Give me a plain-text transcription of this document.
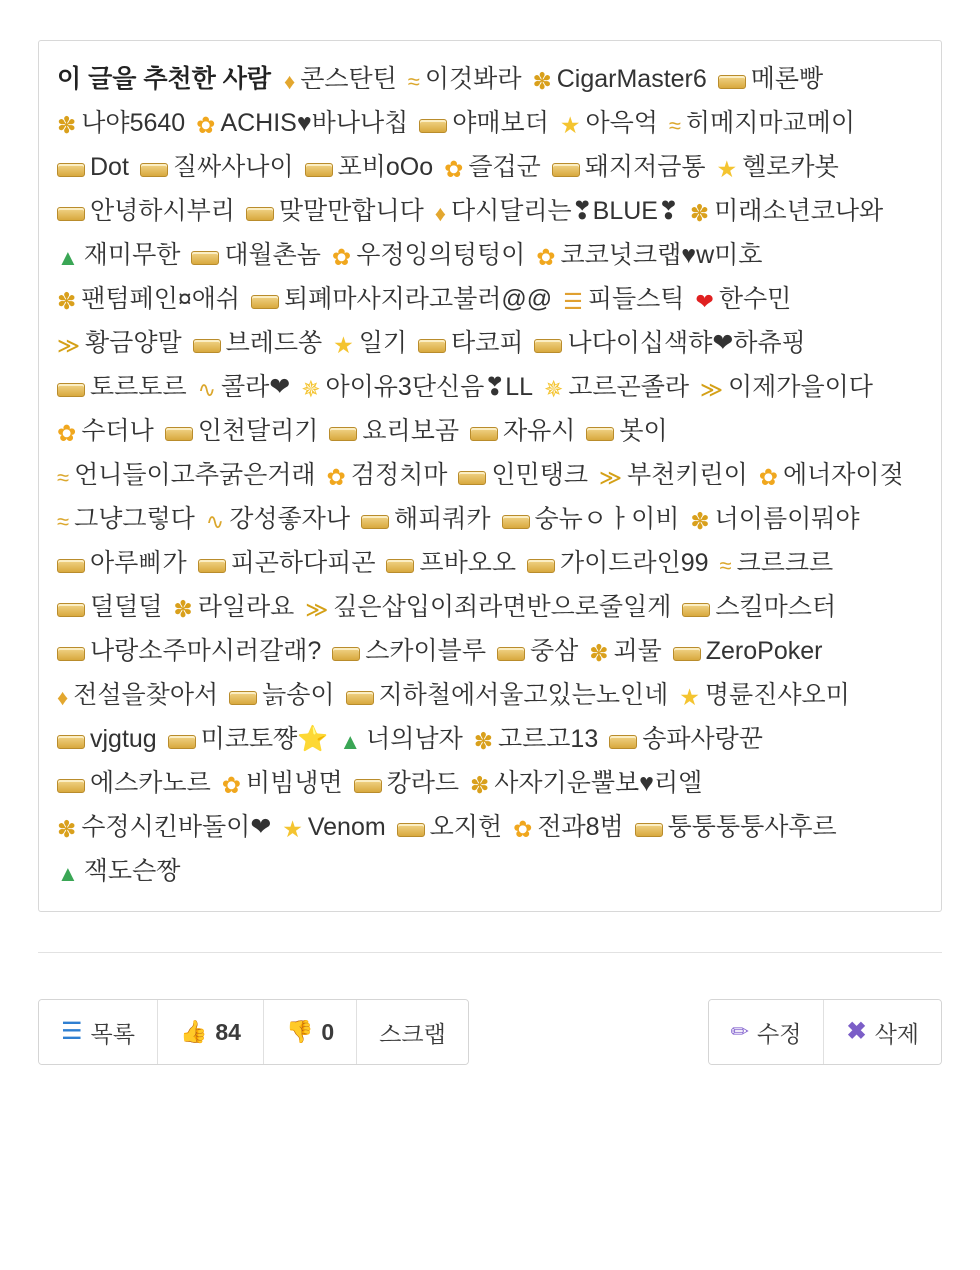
이 글을 추천한 사람 ♦ 콘스탄틴 ≈ 이것봐라 ✽ CigarMaster6 메론빵 ✽ 나야5640 ✿ ACHIS♥바나나칩 야매보더 ★ 아윽억 ≈ 히메지마교메이 Dot 질싸사나이 포비oOo ✿ 즐겁군 돼지저금통 ★ 헬로카봇 안녕하시부리 맞말만합니다 ♦ 다시달리는❣BLUE❣ ✽ 미래소년코나와 ▲ 재미무한 대월촌놈 ✿ 우정잉의텅텅이 ✿ 코코넛크랩♥w미호 ✽ 팬텀페인¤애쉬 퇴폐마사지라고불러@@ ☰ 피들스틱 ❤ 한수민 ≫ 황금양말 브레드쏭 ★ 일기 타코피 나다이십색햐❤하츄핑 토르토르 ∿ 콜라❤ ✵ 아이유3단신음❣LL ✵ 고르곤졸라 ≫ 이제가을이다 ✿ 수더나 인천달리기 요리보곰 자유시 봇이 ≈ 언니들이고추굵은거래 ✿ 검정치마 인민탱크 ≫ 부천키린이 ✿ 에너자이젖 ≈ 그냥그렇다 ∿ 강성좋자나 해피쿼카 숭뉴ㅇㅏ이비 ✽ 너이름이뭐야 아루삐가 피곤하다피곤 프바오오 가이드라인99 ≈ 크르크르 덜덜덜 ✽ 라일라요 ≫ 깊은삽입이죄라면반으로줄일게 스킬마스터 나랑소주마시러갈래? 스카이블루 중삼 ✽ 괴물 ZeroPoker ♦ 전설을찾아서 늙송이 지하철에서울고있는노인네 ★ 명륜진샤오미 vjgtug 미코토쨩⭐ ▲ 너의남자 ✽ 고르고13 송파사랑꾼 에스카노르 ✿ 비빔냉면 캉라드 ✽ 사자기운뿔보♥리엘 ✽ 수정시킨바돌이❤ ★ Venom 오지헌 ✿ 전과8범 퉁퉁퉁퉁사후르 ▲ 잭도슨짱
☰ 목록 👍 84 👎 0 스크랩	✏ 수정 ✖ 삭제
